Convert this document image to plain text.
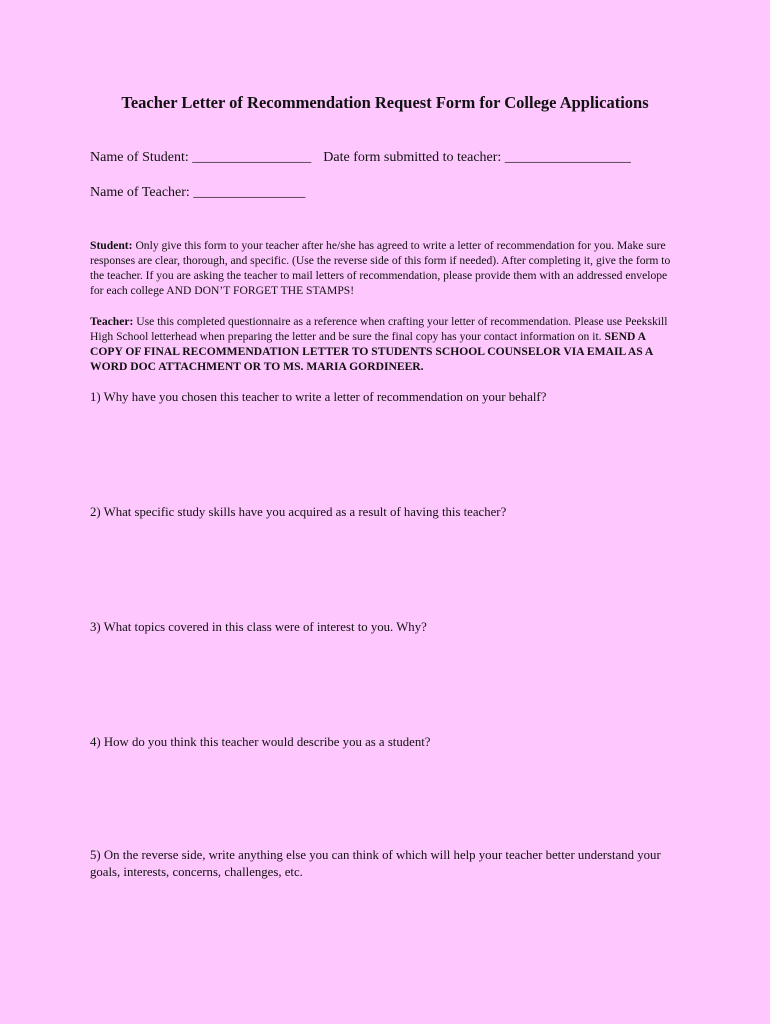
Teacher Letter of Recommendation Request Form for College Applications
Name of Student: _________________ Date form submitted to teacher: __________________
Name of Teacher: ________________

Student: Only give this form to your teacher after he/she has agreed to write a letter of recommendation for you. Make sure responses are clear, thorough, and specific. (Use the reverse side of this form if needed). After completing it, give the form to the teacher. If you are asking the teacher to mail letters of recommendation, please provide them with an addressed envelope for each college AND DON’T FORGET THE STAMPS!

Teacher: Use this completed questionnaire as a reference when crafting your letter of recommendation. Please use Peekskill High School letterhead when preparing the letter and be sure the final copy has your contact information on it. SEND A COPY OF FINAL RECOMMENDATION LETTER TO STUDENTS SCHOOL COUNSELOR VIA EMAIL AS A WORD DOC ATTACHMENT OR TO MS. MARIA GORDINEER.

1) Why have you chosen this teacher to write a letter of recommendation on your behalf?

2) What specific study skills have you acquired as a result of having this teacher?

3) What topics covered in this class were of interest to you. Why?

4) How do you think this teacher would describe you as a student?

5) On the reverse side, write anything else you can think of which will help your teacher better understand your goals, interests, concerns, challenges, etc.
